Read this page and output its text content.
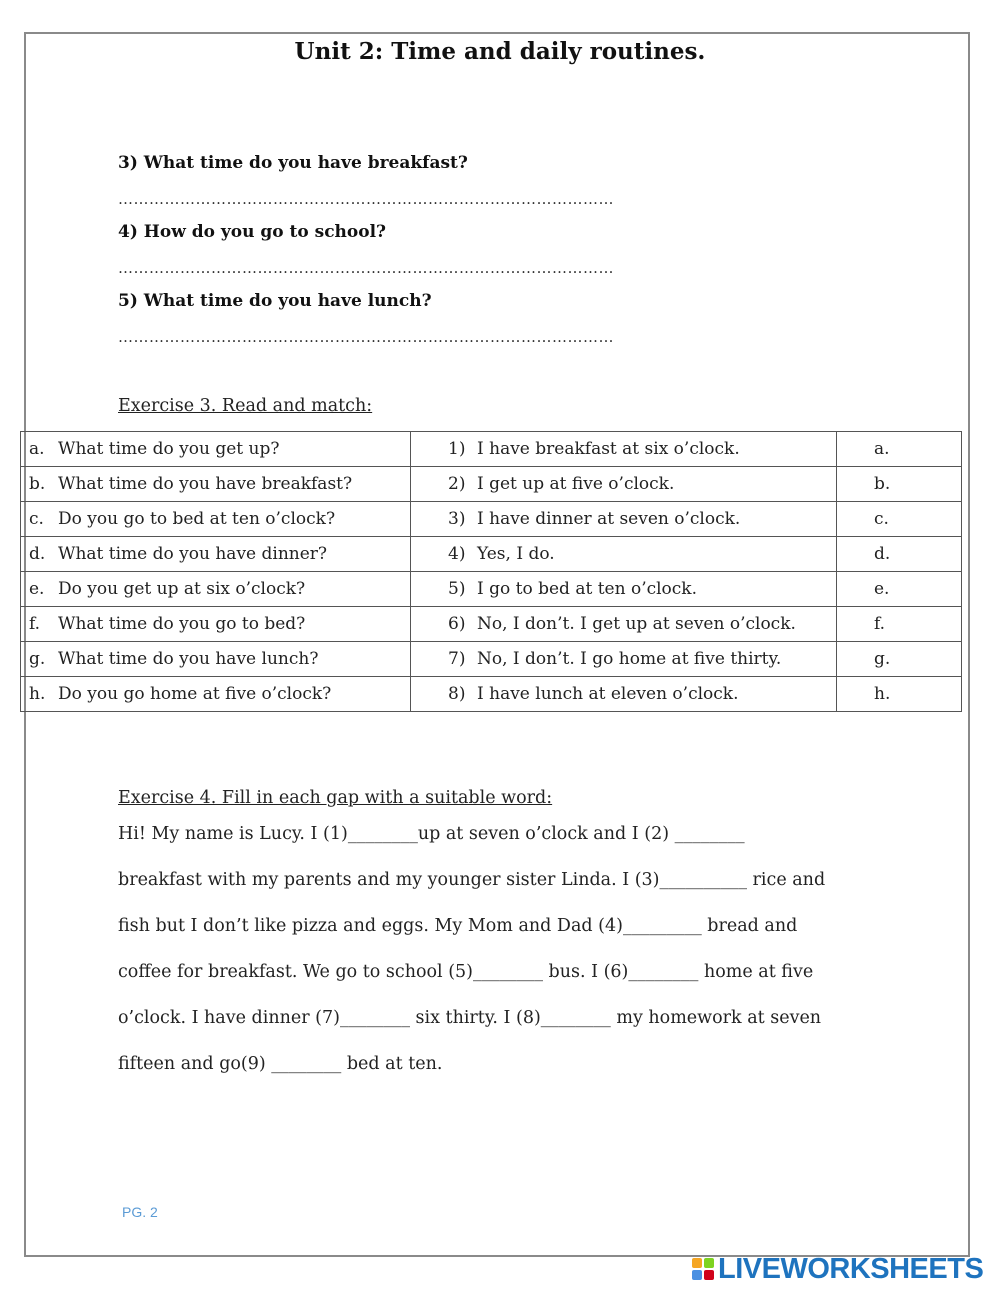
Unit 2: Time and daily routines.
3) What time do you have breakfast?
……………………………………………………………………………………
4) How do you go to school?
……………………………………………………………………………………
5) What time do you have lunch?
……………………………………………………………………………………
Exercise 3. Read and match:
a. What time do you get up?	1) I have breakfast at six o’clock.	a.
b. What time do you have breakfast?	2) I get up at five o’clock.	b.
c. Do you go to bed at ten o’clock?	3) I have dinner at seven o’clock.	c.
d. What time do you have dinner?	4) Yes, I do.	d.
e. Do you get up at six o’clock?	5) I go to bed at ten o’clock.	e.
f. What time do you go to bed?	6) No, I don’t. I get up at seven o’clock.	f.
g. What time do you have lunch?	7) No, I don’t. I go home at five thirty.	g.
h. Do you go home at five o’clock?	8) I have lunch at eleven o’clock.	h.
Exercise 4. Fill in each gap with a suitable word:
Hi! My name is Lucy. I (1)________up at seven o’clock and I (2) ________
breakfast with my parents and my younger sister Linda. I (3)__________ rice and
fish but I don’t like pizza and eggs. My Mom and Dad (4)_________ bread and
coffee for breakfast. We go to school (5)________ bus. I (6)________ home at five
o’clock. I have dinner (7)________ six thirty. I (8)________ my homework at seven
fifteen and go(9) ________ bed at ten.
PG. 2
LIVEWORKSHEETS
